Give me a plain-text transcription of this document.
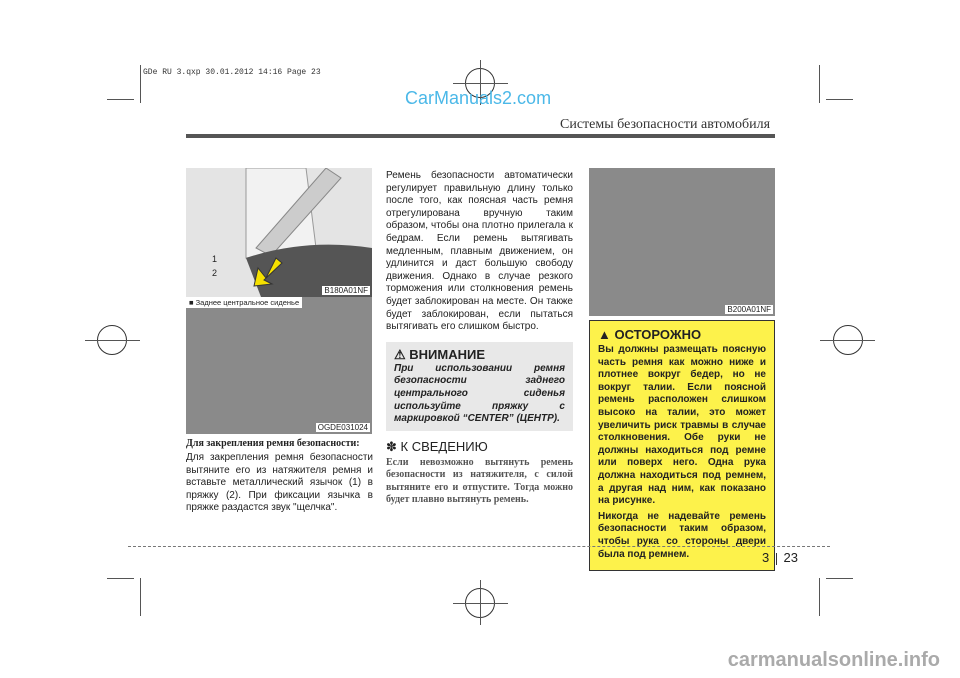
GDe RU 3.qxp 30.01.2012 14:16 Page 23
CarManuals2.com
Системы безопасности автомобиля
1
2
B180A01NF
■ Заднее центральное сиденье
OGDE031024
Для закрепления ремня безопасности:
Для закрепления ремня безопасности вытяните его из натяжителя ремня и вставьте металлический язычок (1) в пряжку (2). При фиксации язычка в пряжке раздастся звук "щелчка".
Ремень безопасности автоматически регулирует правильную длину только после того, как поясная часть ремня отрегулирована вручную таким образом, чтобы она плотно прилегала к бедрам. Если ремень вытягивать медленным, плавным движением, он удлинится и даст большую свободу движения. Однако в случае резкого торможения или столкновения ремень будет заблокирован на месте. Он также будет заблокирован, если пытаться вытягивать его слишком быстро.
⚠ ВНИМАНИЕ

При использовании ремня безопасности заднего центрального сиденья используйте пряжку с маркировкой “CENTER” (ЦЕНТР).

✽ К СВЕДЕНИЮ
Если невозможно вытянуть ремень безопасности из натяжителя, с силой вытяните его и отпустите. Тогда можно будет плавно вытянуть ремень.
B200A01NF
▲ ОСТОРОЖНО

Вы должны размещать поясную часть ремня как можно ниже и плотнее вокруг бедер, но не вокруг талии. Если поясной ремень расположен слишком высоко на талии, это может увеличить риск травмы в случае столкновения. Обе руки не должны находиться под ремне или поверх него. Одна рука должна находиться под ремнем, а другая над ним, как показано на рисунке.

Никогда не надевайте ремень безопасности таким образом, чтобы рука со стороны двери была под ремнем.	3 23
carmanualsonline.info
